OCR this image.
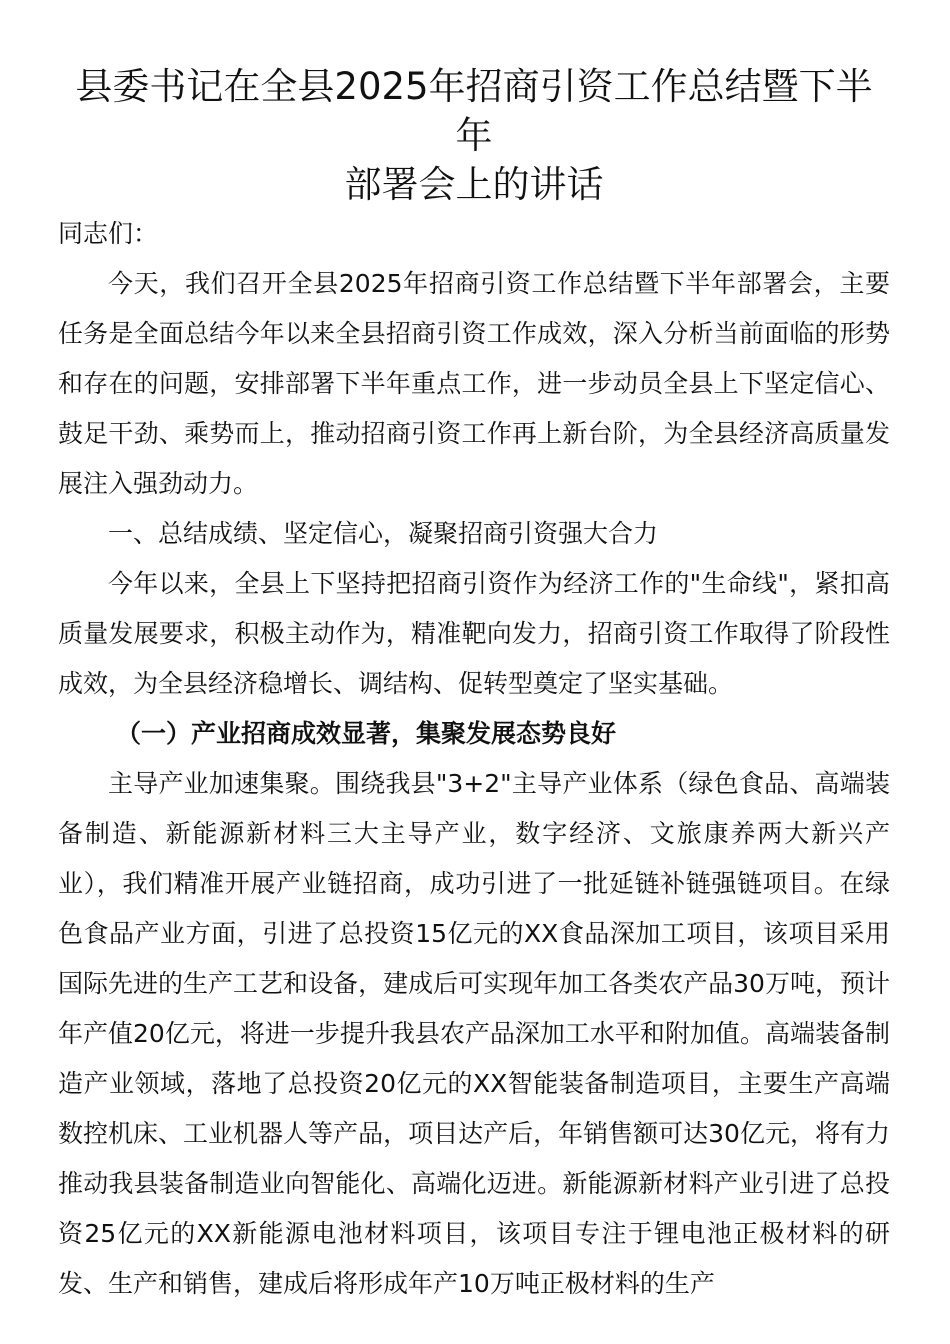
县委书记在全县2025年招商引资工作总结暨下半年
部署会上的讲话

同志们：

今天，我们召开全县2025年招商引资工作总结暨下半年部署会，主要任务是全面总结今年以来全县招商引资工作成效，深入分析当前面临的形势和存在的问题，安排部署下半年重点工作，进一步动员全县上下坚定信心、鼓足干劲、乘势而上，推动招商引资工作再上新台阶，为全县经济高质量发展注入强劲动力。

一、总结成绩、坚定信心，凝聚招商引资强大合力

今年以来，全县上下坚持把招商引资作为经济工作的"生命线"，紧扣高质量发展要求，积极主动作为，精准靶向发力，招商引资工作取得了阶段性成效，为全县经济稳增长、调结构、促转型奠定了坚实基础。

（一）产业招商成效显著，集聚发展态势良好

主导产业加速集聚。围绕我县"3+2"主导产业体系（绿色食品、高端装备制造、新能源新材料三大主导产业，数字经济、文旅康养两大新兴产业），我们精准开展产业链招商，成功引进了一批延链补链强链项目。在绿色食品产业方面，引进了总投资15亿元的XX食品深加工项目，该项目采用国际先进的生产工艺和设备，建成后可实现年加工各类农产品30万吨，预计年产值20亿元，将进一步提升我县农产品深加工水平和附加值。高端装备制造产业领域，落地了总投资20亿元的XX智能装备制造项目，主要生产高端数控机床、工业机器人等产品，项目达产后，年销售额可达30亿元，将有力推动我县装备制造业向智能化、高端化迈进。新能源新材料产业引进了总投资25亿元的XX新能源电池材料项目，该项目专注于锂电池正极材料的研发、生产和销售，建成后将形成年产10万吨正极材料的生产
